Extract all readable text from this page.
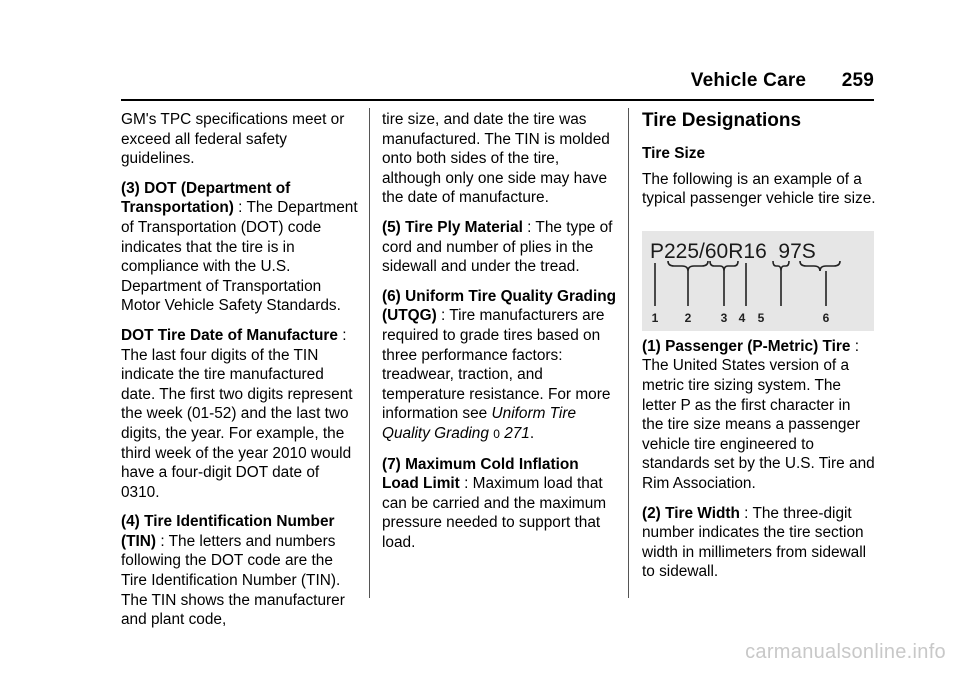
Vehicle Care 259

GM's TPC specifications meet or exceed all federal safety guidelines.

(3) DOT (Department of Transportation) : The Department of Transportation (DOT) code indicates that the tire is in compliance with the U.S. Department of Transportation Motor Vehicle Safety Standards.

DOT Tire Date of Manufacture : The last four digits of the TIN indicate the tire manufactured date. The first two digits represent the week (01-52) and the last two digits, the year. For example, the third week of the year 2010 would have a four-digit DOT date of 0310.

(4) Tire Identification Number (TIN) : The letters and numbers following the DOT code are the Tire Identification Number (TIN). The TIN shows the manufacturer and plant code,

tire size, and date the tire was manufactured. The TIN is molded onto both sides of the tire, although only one side may have the date of manufacture.

(5) Tire Ply Material : The type of cord and number of plies in the sidewall and under the tread.

(6) Uniform Tire Quality Grading (UTQG) : Tire manufacturers are required to grade tires based on three performance factors: treadwear, traction, and temperature resistance. For more information see Uniform Tire Quality Grading 0 271.

(7) Maximum Cold Inflation Load Limit : Maximum load that can be carried and the maximum pressure needed to support that load.

Tire Designations
Tire Size

The following is an example of a typical passenger vehicle tire size.

P225/60R16  97S
1 2 3 4 5	6

(1) Passenger (P-Metric) Tire : The United States version of a metric tire sizing system. The letter P as the first character in the tire size means a passenger vehicle tire engineered to standards set by the U.S. Tire and Rim Association.

(2) Tire Width : The three-digit number indicates the tire section width in millimeters from sidewall to sidewall.

carmanualsonline.info
